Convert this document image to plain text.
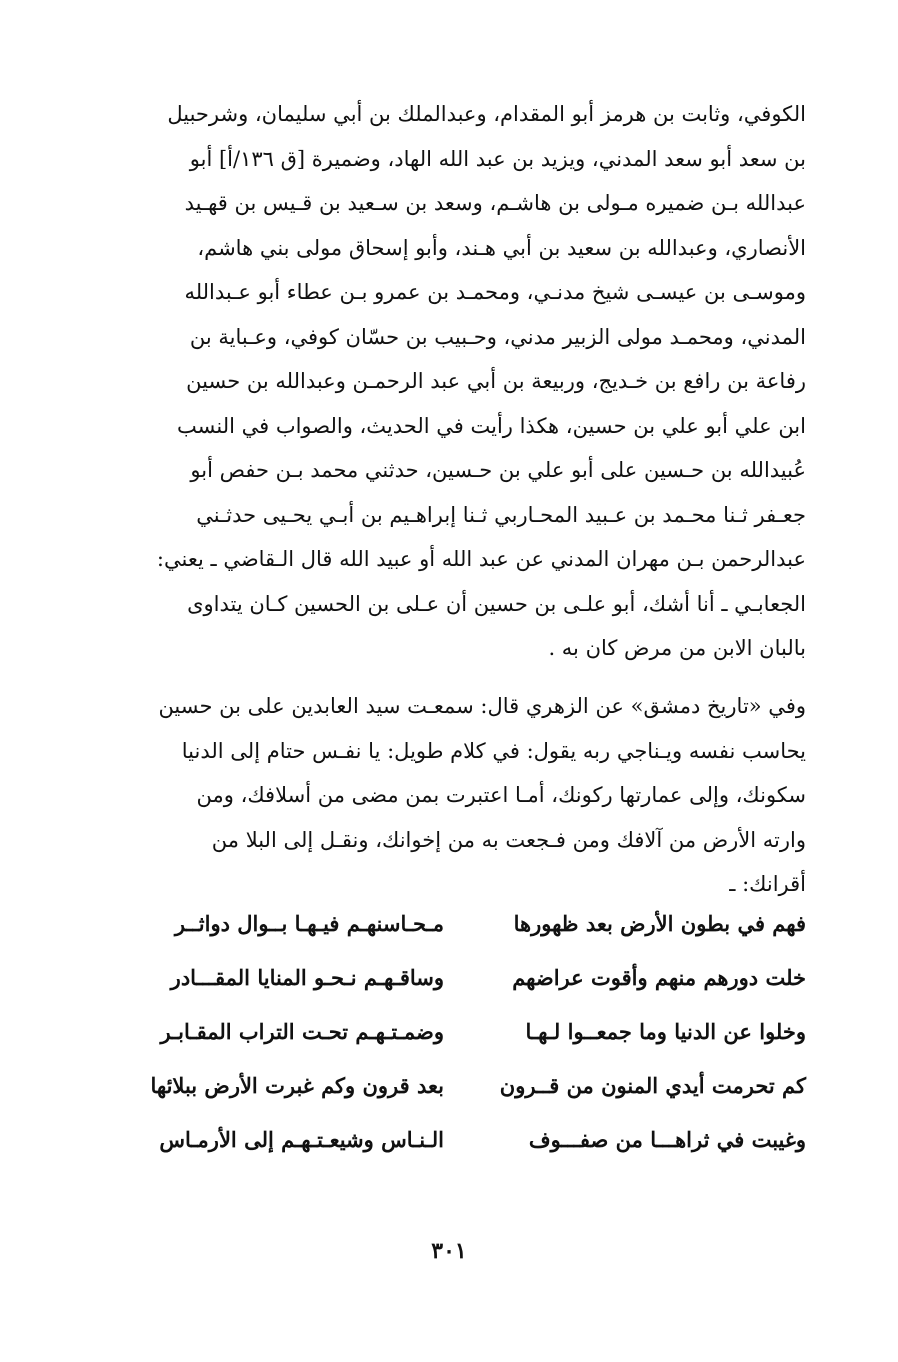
الكوفي، وثابت بن هرمز أبو المقدام، وعبدالملك بن أبي سليمان، وشرحبيل
بن سعد أبو سعد المدني، ويزيد بن عبد الله الهاد، وضميرة [ق ١٣٦/أ] أبو
عبدالله بـن ضميره مـولى بن هاشـم، وسعد بن سـعيد بن قـيس بن قهـيد
الأنصاري، وعبدالله بن سعيد بن أبي هـند، وأبو إسحاق مولى بني هاشم،
وموسـى بن عيسـى شيخ مدنـي، ومحمـد بن عمرو بـن عطاء أبو عـبدالله
المدني، ومحمـد مولى الزبير مدني، وحـبيب بن حسّان كوفي، وعـباية بن
رفاعة بن رافع بن خـديج، وربيعة بن أبي عبد الرحمـن وعبدالله بن حسين
ابن علي أبو علي بن حسين، هكذا رأيت في الحديث، والصواب في النسب
عُبيدالله بن حـسين على أبو علي بن حـسين، حدثني محمد بـن حفص أبو
جعـفر ثـنا محـمد بن عـبيد المحـاربي ثـنا إبراهـيم بن أبـي يحـيى حدثـني
عبدالرحمن بـن مهران المدني عن عبد الله أو عبيد الله قال الـقاضي ـ يعني:
الجعابـي ـ أنا أشك، أبو علـى بن حسين أن عـلى بن الحسين كـان يتداوى
بالبان الابن من مرض كان به .
وفي «تاريخ دمشق» عن الزهري قال: سمعـت سيد العابدين على بن حسين
يحاسب نفسه ويـناجي ربه يقول: في كلام طويل: يا نفـس حتام إلى الدنيا
سكونك، وإلى عمارتها ركونك، أمـا اعتبرت بمن مضى من أسلافك، ومن
وارته الأرض من آلافك ومن فـجعت به من إخوانك، ونقـل إلى البلا من
أقرانك: ـ
فهم في بطون الأرض بعد ظهورها
مـحـاسنهـم فيـهـا بــوال دواثــر
خلت دورهم منهم وأقوت عراضهم
وساقـهـم نـحـو المنايا المقـــادر
وخلوا عن الدنيا وما جمعــوا لـهـا
وضمـتـهـم تحـت التراب المقـابـر
كم تحرمت أيدي المنون من قــرون
بعد قرون وكم غبرت الأرض ببلائها
وغيبت في ثراهـــا من صفـــوف
الـنـاس وشيعـتـهـم إلى الأرمـاس
٣٠١
